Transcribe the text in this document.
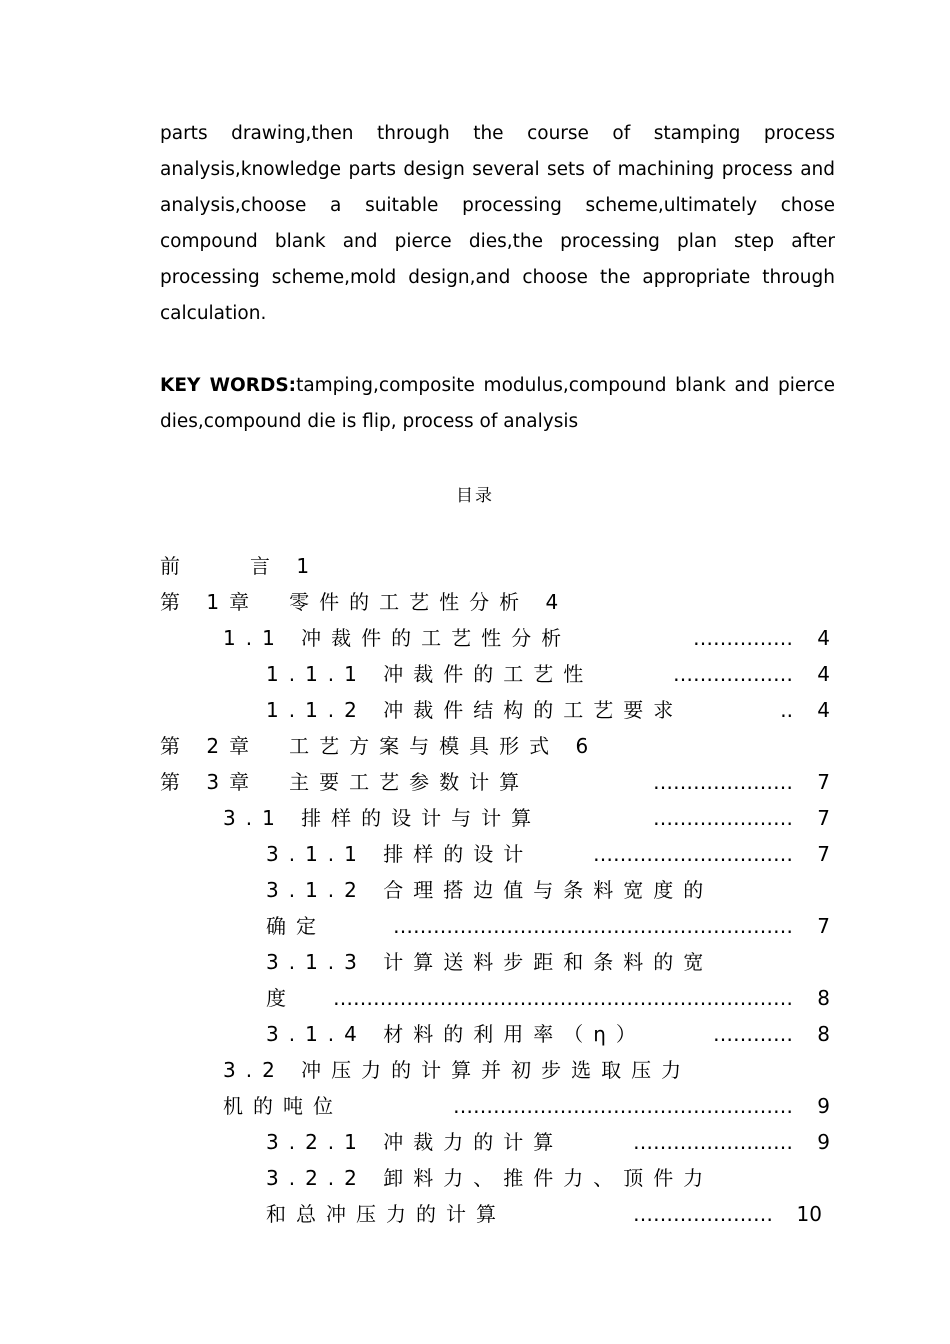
parts drawing,then through the course of stamping process analysis,knowledge parts design several sets of machining process and analysis,choose a suitable processing scheme,ultimately chose compound blank and pierce dies,the processing plan step after processing scheme,mold design,and choose the appropriate through calculation.

KEY WORDS:tamping,composite modulus,compound blank and pierce dies,compound die is flip, process of analysis
目录
前　　言 1
第 1章　零件的工艺性分析 4
1.1 冲裁件的工艺性分析	…………… 4
1.1.1 冲裁件的工艺性	……………… 4
1.1.2 冲裁件结构的工艺要求	.. 4
第 2章　工艺方案与模具形式 6
第 3章　主要工艺参数计算	………………… 7
3.1 排样的设计与计算	………………… 7
3.1.1 排样的设计	………………………… 7
3.1.2 合理搭边值与条料宽度的
确定	…………………………………………………… 7
3.1.3 计算送料步距和条料的宽
度 …………………………………………………………… 8
3.1.4 材料的利用率（η）	………… 8
3.2 冲压力的计算并初步选取压力
机的吨位	…………………………………………… 9
3.2.1 冲裁力的计算	…………………… 9
3.2.2 卸料力、推件力、顶件力
和总冲压力的计算	………………… 10
